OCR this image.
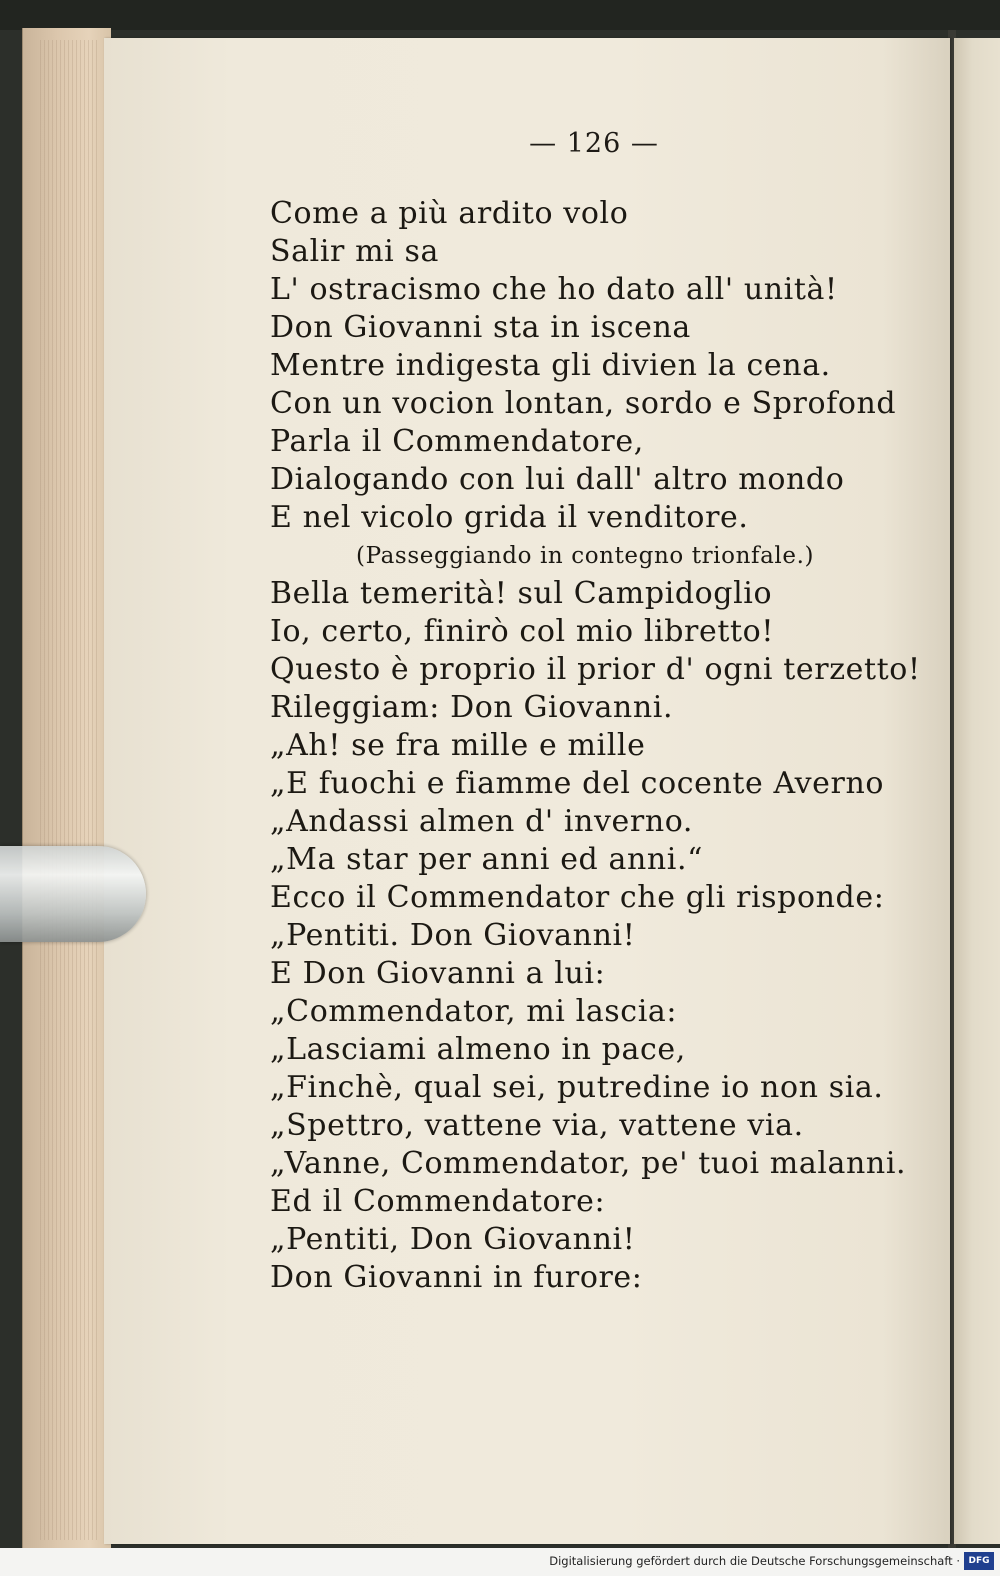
— 126 —
Come a più ardito volo
Salir mi sa
L' ostracismo che ho dato all' unità!
Don Giovanni sta in iscena
Mentre indigesta gli divien la cena.
Con un vocion lontan, sordo e Sprofond
Parla il Commendatore,
Dialogando con lui dall' altro mondo
E nel vicolo grida il venditore.
(Passeggiando in contegno trionfale.)
Bella temerità! sul Campidoglio
Io, certo, finirò col mio libretto!
Questo è proprio il prior d' ogni terzetto!
Rileggiam: Don Giovanni.
„Ah! se fra mille e mille
„E fuochi e fiamme del cocente Averno
„Andassi almen d' inverno.
„Ma star per anni ed anni.“
Ecco il Commendator che gli risponde:
„Pentiti. Don Giovanni!
E Don Giovanni a lui:
„Commendator, mi lascia:
„Lasciami almeno in pace,
„Finchè, qual sei, putredine io non sia.
„Spettro, vattene via, vattene via.
„Vanne, Commendator, pe' tuoi malanni.
Ed il Commendatore:
„Pentiti, Don Giovanni!
Don Giovanni in furore:
Digitalisierung gefördert durch die Deutsche Forschungsgemeinschaft · DFG
